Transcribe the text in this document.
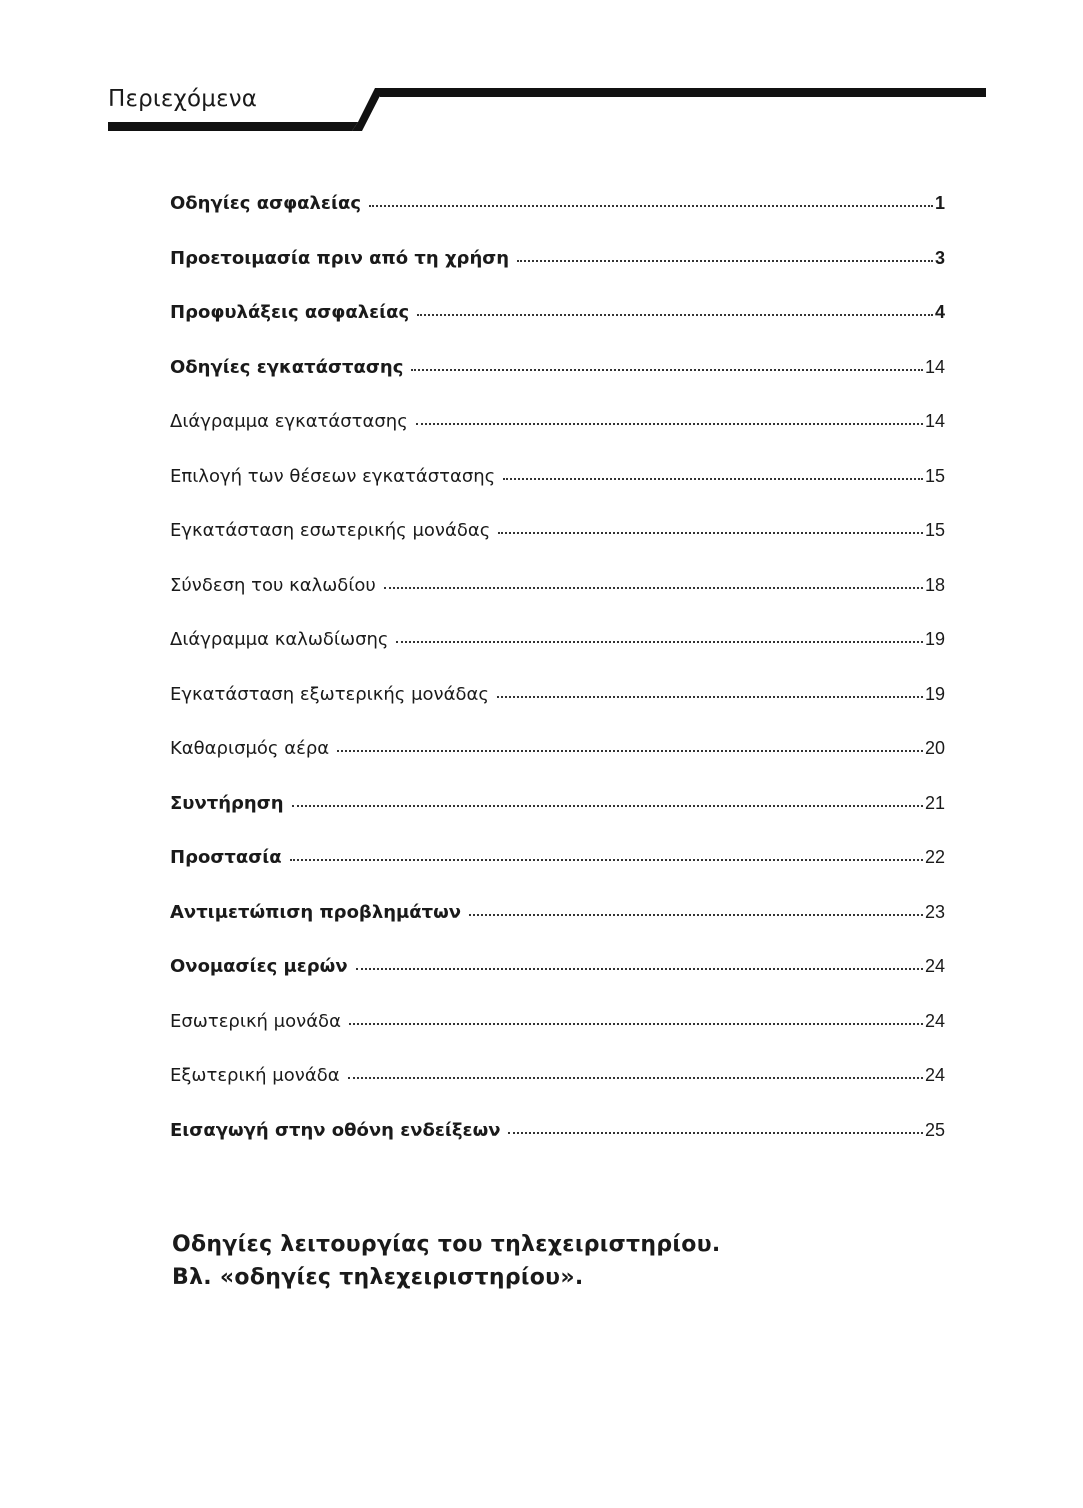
Περιεχόμενα
Οδηγίες ασφαλείας	1
Προετοιμασία πριν από τη χρήση	3
Προφυλάξεις ασφαλείας	4
Οδηγίες εγκατάστασης	14
Διάγραμμα εγκατάστασης	14
Επιλογή των θέσεων εγκατάστασης	15
Εγκατάσταση εσωτερικής μονάδας	15
Σύνδεση του καλωδίου	18
Διάγραμμα καλωδίωσης	19
Εγκατάσταση εξωτερικής μονάδας	19
Καθαρισμός αέρα	20
Συντήρηση	21
Προστασία	22
Αντιμετώπιση προβλημάτων	23
Ονομασίες μερών	24
Εσωτερική μονάδα	24
Εξωτερική μονάδα	24
Εισαγωγή στην οθόνη ενδείξεων	25

Οδηγίες λειτουργίας του τηλεχειριστηρίου.

Βλ. «οδηγίες τηλεχειριστηρίου».
